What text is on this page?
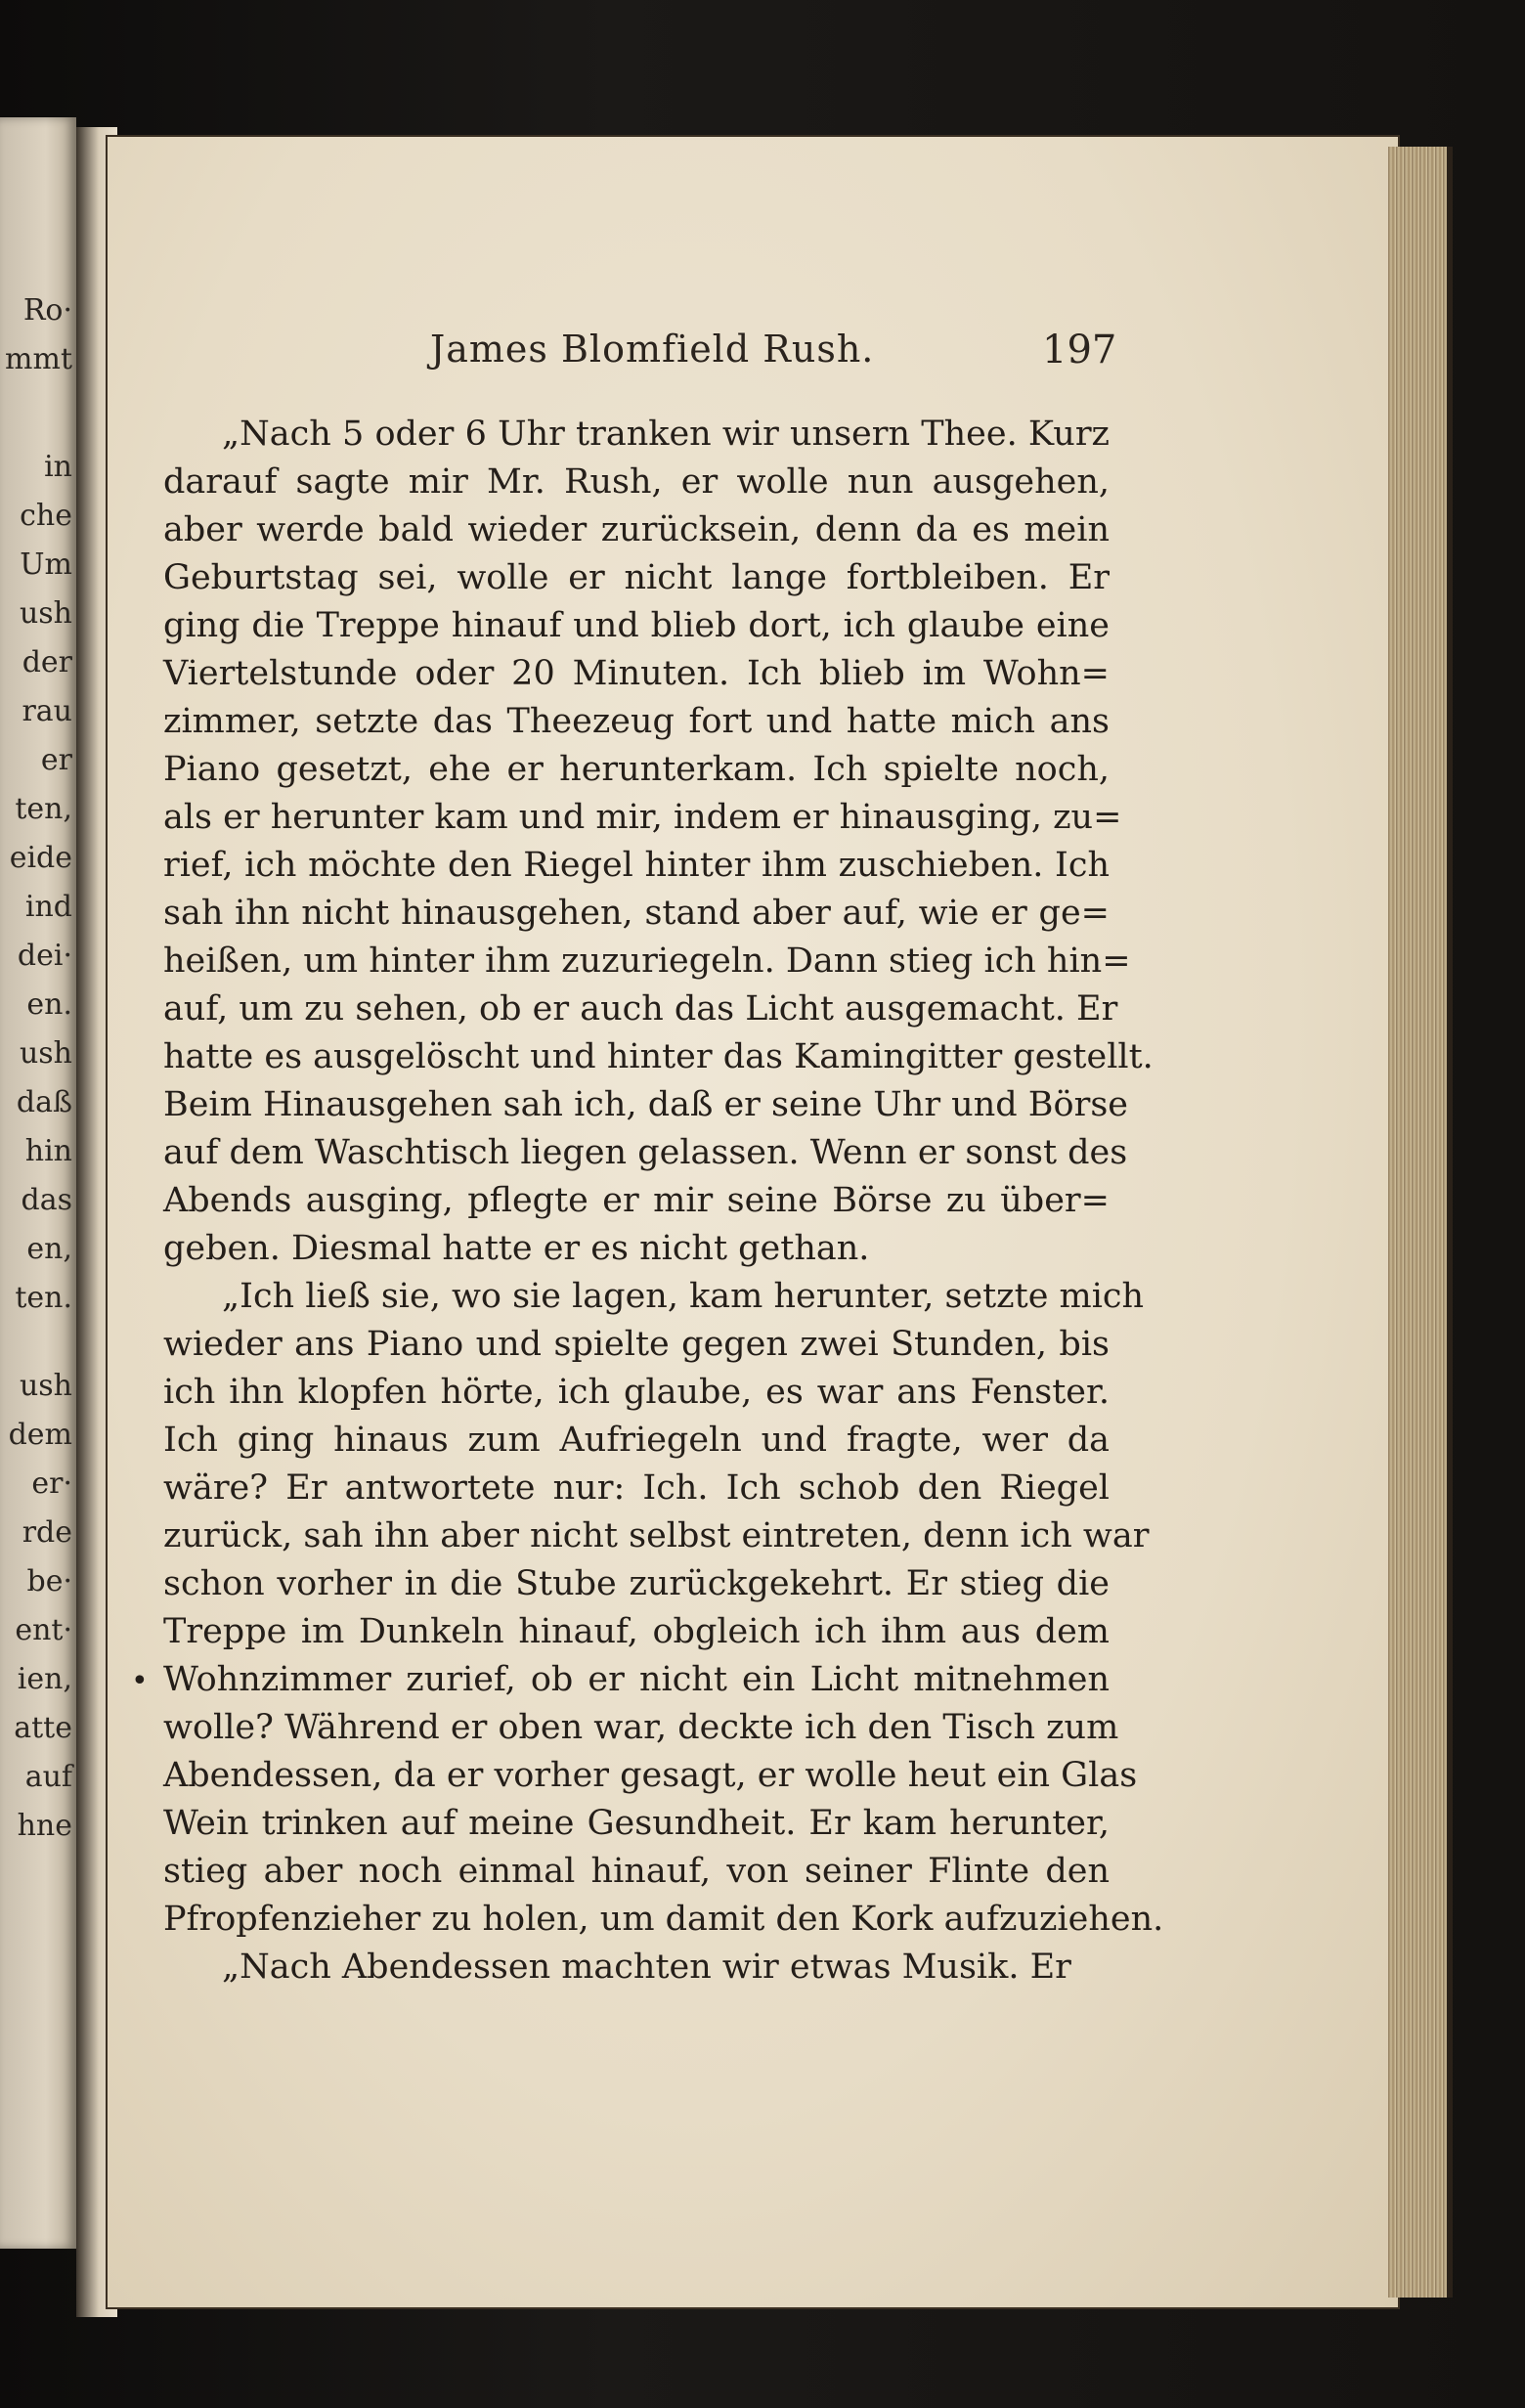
Ro·
mmt
in
che
Um
ush
der
rau
er
ten,
eide
ind
dei·
en.
ush
daß
hin
das
en,
ten.
ush
dem
er·
rde
be·
ent·
ien,
atte
auf
hne
James Blomfield Rush.	197
„Nach 5 oder 6 Uhr tranken wir unsern Thee. Kurz
darauf sagte mir Mr. Rush, er wolle nun ausgehen,
aber werde bald wieder zurücksein, denn da es mein
Geburtstag sei, wolle er nicht lange fortbleiben. Er
ging die Treppe hinauf und blieb dort, ich glaube eine
Viertelstunde oder 20 Minuten. Ich blieb im Wohn=
zimmer, setzte das Theezeug fort und hatte mich ans
Piano gesetzt, ehe er herunterkam. Ich spielte noch,
als er herunter kam und mir, indem er hinausging, zu=
rief, ich möchte den Riegel hinter ihm zuschieben. Ich
sah ihn nicht hinausgehen, stand aber auf, wie er ge=
heißen, um hinter ihm zuzuriegeln. Dann stieg ich hin=
auf, um zu sehen, ob er auch das Licht ausgemacht. Er
hatte es ausgelöscht und hinter das Kamingitter gestellt.
Beim Hinausgehen sah ich, daß er seine Uhr und Börse
auf dem Waschtisch liegen gelassen. Wenn er sonst des
Abends ausging, pflegte er mir seine Börse zu über=
geben. Diesmal hatte er es nicht gethan.
„Ich ließ sie, wo sie lagen, kam herunter, setzte mich
wieder ans Piano und spielte gegen zwei Stunden, bis
ich ihn klopfen hörte, ich glaube, es war ans Fenster.
Ich ging hinaus zum Aufriegeln und fragte, wer da
wäre? Er antwortete nur: Ich. Ich schob den Riegel
zurück, sah ihn aber nicht selbst eintreten, denn ich war
schon vorher in die Stube zurückgekehrt. Er stieg die
Treppe im Dunkeln hinauf, obgleich ich ihm aus dem
Wohnzimmer zurief, ob er nicht ein Licht mitnehmen
wolle? Während er oben war, deckte ich den Tisch zum
Abendessen, da er vorher gesagt, er wolle heut ein Glas
Wein trinken auf meine Gesundheit. Er kam herunter,
stieg aber noch einmal hinauf, von seiner Flinte den
Pfropfenzieher zu holen, um damit den Kork aufzuziehen.
„Nach Abendessen machten wir etwas Musik. Er
•
